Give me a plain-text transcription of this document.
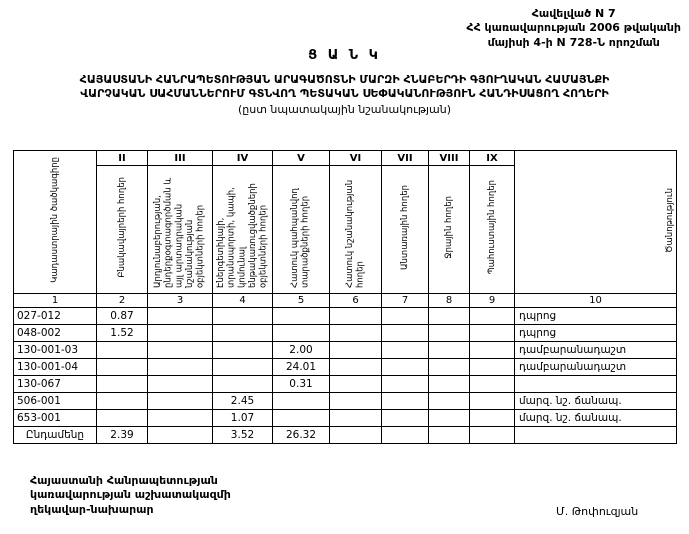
Հավելված N 7
ՀՀ կառավարության 2006 թվականի
մայիսի 4-ի N 728-Ն որոշման
Ց Ա Ն Կ
ՀԱՅԱՍՏԱՆԻ ՀԱՆՐԱՊԵՏՈՒԹՅԱՆ ԱՐԱԳԱԾՈՏՆԻ ՄԱՐԶԻ ՀՆԱԲԵՐԴԻ ԳՅՈՒՂԱԿԱՆ ՀԱՄԱՅՆՔԻ
ՎԱՐՉԱԿԱՆ ՍԱՀՄԱՆՆԵՐՈՒՄ ԳՏՆՎՈՂ ՊԵՏԱԿԱՆ ՍԵՓԱԿԱՆՈՒԹՅՈՒՆ ՀԱՆԴԻՍԱՑՈՂ ՀՈՂԵՐԻ
(ըստ նպատակային նշանակության)
Կադաստրային ծածկագիրը	II	III	IV	V	VI	VII	VIII	IX	Ծանոթություն
	Բնակավայրերի հողեր	Արդյունաբերության, ընդերքօգտագործման և այլ արտադրական նշանակության օբյեկտների հողեր	Էներգետիկայի, տրանսպորտի, կապի, կոմունալ ենթակառուցվածքների օբյեկտների հողեր	Հատուկ պահպանվող տարածքների հողեր	Հատուկ նշանակության հողեր	Անտառային հողեր	Ջրային հողեր	Պահուստային հողեր	
1	2	3	4	5	6	7	8	9	10
027-012	0.87								դպրոց
048-002	1.52								դպրոց
130-001-03				2.00					դամբարանադաշտ
130-001-04				24.01					դամբարանադաշտ
130-067				0.31					
506-001			2.45						մարզ. նշ. ճանապ.
653-001			1.07						մարզ. նշ. ճանապ.
Ընդամենը	2.39		3.52	26.32					
Հայաստանի Հանրապետության
կառավարության աշխատակազմի
ղեկավար-նախարար	Մ. Թոփուզյան
